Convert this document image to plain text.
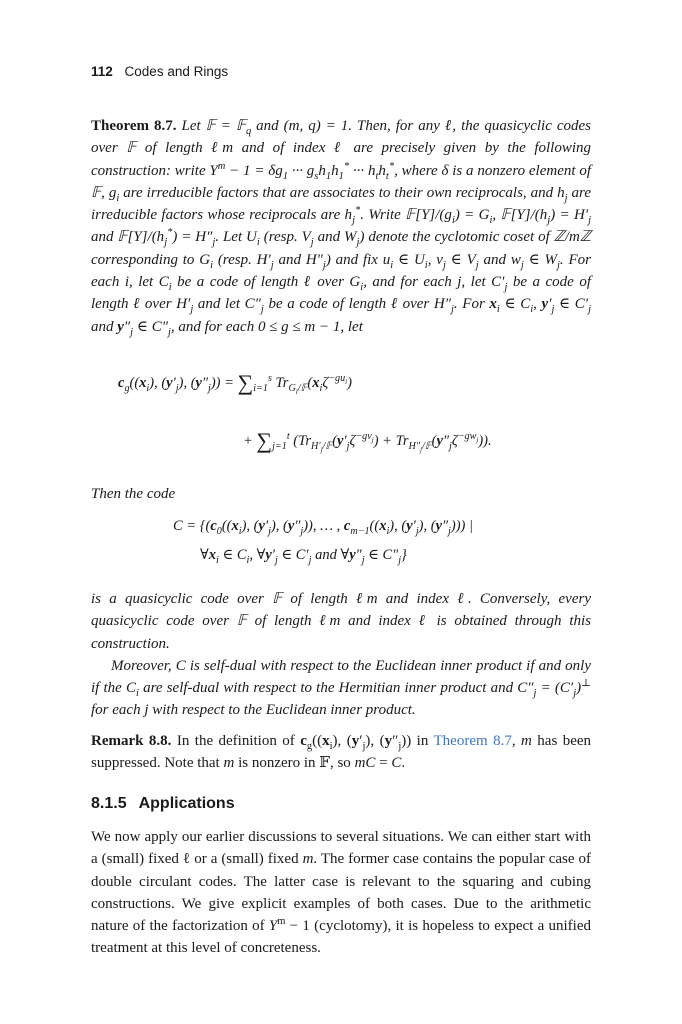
112 Codes and Rings

Theorem 8.7. Let 𝔽 = 𝔽$_q$ and (m, q) = 1. Then, for any ℓ, the quasicyclic codes over 𝔽 of length ℓm and of index ℓ are precisely given by the following construction: write $Y^m - 1 = \delta g_1$ ··· $g_sh_1h_1^*$ ··· $h_th_t^*$, where δ is a nonzero element of 𝔽, $g_i$ are irreducible factors that are associates to their own reciprocals, and $h_j$ are irreducible factors whose reciprocals are $h_j^*$. Write $𝔽[Y]/(g_i) = G_i$, $𝔽[Y]/(h_j) = H'_j$ and $𝔽[Y]/(h_j^*) = H''_j$. Let $U_i$ (resp. $V_j$ and $W_j$) denote the cyclotomic coset of ℤ/mℤ corresponding to $G_i$ (resp. $H'_j$ and $H''_j$) and fix $u_i$ ∈ $U_i$, $v_j$ ∈ $V_j$ and $w_j$ ∈ $W_j$. For each i, let $C_i$ be a code of length ℓ over $G_i$, and for each j, let $C'_j$ be a code of length ℓ over $H'_j$ and let $C''_j$ be a code of length ℓ over $H''_j$. For $x_i$ ∈ $C_i$, $y'_j$ ∈ $C'_j$ and $y''_j$ ∈ $C''_j$, and for each 0 ≤ g ≤ m − 1, let

$c_g((x_i)$, $(y'_j)$, $(y''_j)) = \sum_{i=1}^s$ $Tr_{G_i/𝔽}(x_i\zeta^{-gu_i})$
+ $\sum_{j=1}^t$ $(Tr_{H'_j/𝔽}(y'_j\zeta^{-gv_j}) + Tr_{H''_j/𝔽}(y''_j\zeta^{-gw_j}))$.

Then the code

$C = \{(c_0((x_i)$, $(y'_j)$, $(y''_j)$), … , $c_{m-1}((x_i)$, $(y'_j)$, $(y''_j)$)) |
$\forall x_i$ ∈ $C_i$, $\forall y'_j$ ∈ $C'_j$ and $\forall y''_j$ ∈ $C''_j$}

is a quasicyclic code over 𝔽 of length ℓm and index ℓ. Conversely, every quasicyclic code over 𝔽 of length ℓm and index ℓ is obtained through this construction.

Moreover, C is self-dual with respect to the Euclidean inner product if and only if the $C_i$ are self-dual with respect to the Hermitian inner product and $C''_j = (C'_j)^\perp$ for each j with respect to the Euclidean inner product.

Remark 8.8. In the definition of $c_g((x_i)$, $(y'_j)$, $(y''_j)$) in Theorem 8.7, m has been suppressed. Note that m is nonzero in 𝔽, so mC = C.

8.1.5 Applications

We now apply our earlier discussions to several situations. We can either start with a (small) fixed ℓ or a (small) fixed m. The former case contains the popular case of double circulant codes. The latter case is relevant to the squaring and cubing constructions. We give explicit examples of both cases. Due to the arithmetic nature of the factorization of $Y^m - 1$ (cyclotomy), it is hopeless to expect a unified treatment at this level of concreteness.
